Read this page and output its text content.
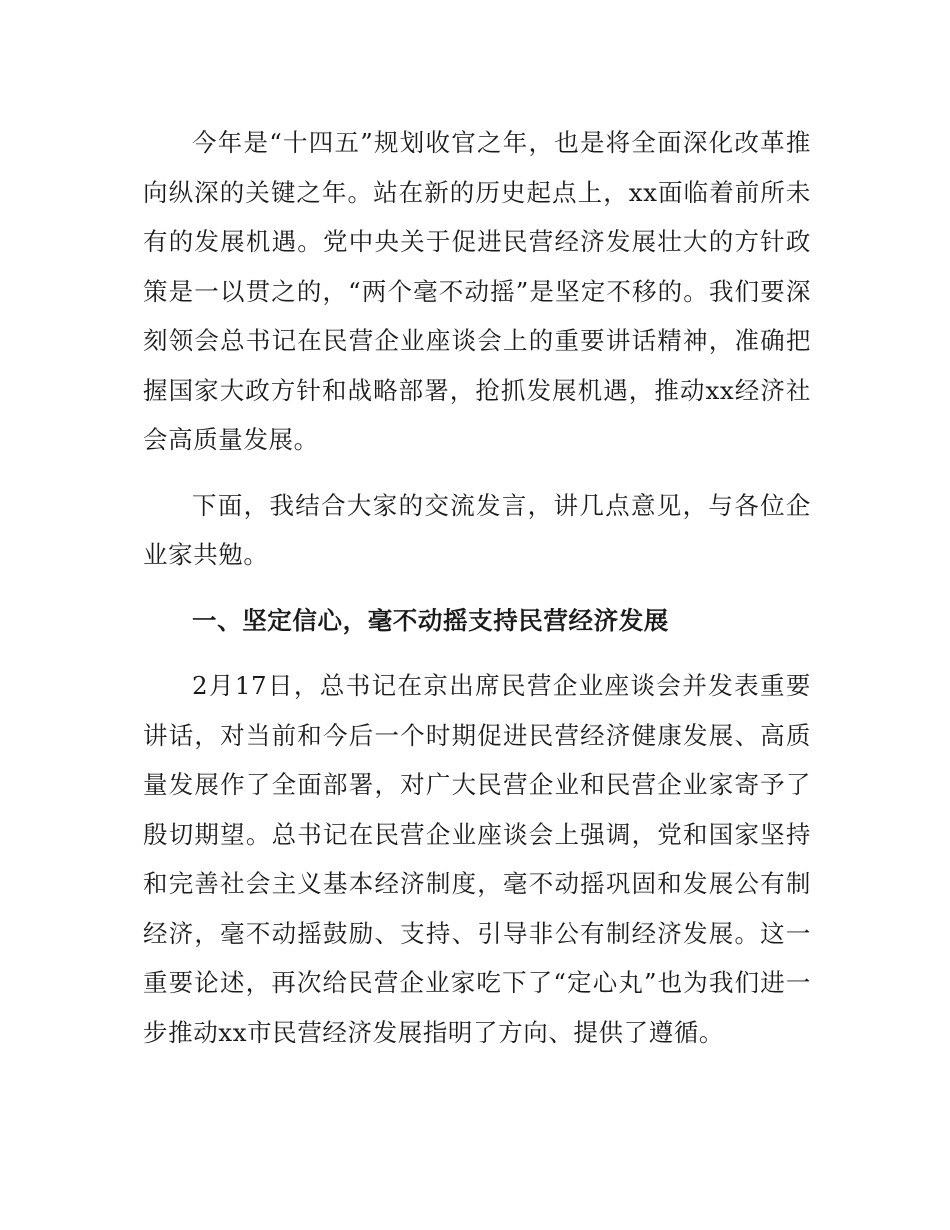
今年是“十四五”规划收官之年，也是将全面深化改革推向纵深的关键之年。站在新的历史起点上，xx面临着前所未有的发展机遇。党中央关于促进民营经济发展壮大的方针政策是一以贯之的，“两个毫不动摇”是坚定不移的。我们要深刻领会总书记在民营企业座谈会上的重要讲话精神，准确把握国家大政方针和战略部署，抢抓发展机遇，推动xx经济社会高质量发展。

下面，我结合大家的交流发言，讲几点意见，与各位企业家共勉。

一、坚定信心，毫不动摇支持民营经济发展

2月17日，总书记在京出席民营企业座谈会并发表重要讲话，对当前和今后一个时期促进民营经济健康发展、高质量发展作了全面部署，对广大民营企业和民营企业家寄予了殷切期望。总书记在民营企业座谈会上强调，党和国家坚持和完善社会主义基本经济制度，毫不动摇巩固和发展公有制经济，毫不动摇鼓励、支持、引导非公有制经济发展。这一重要论述，再次给民营企业家吃下了“定心丸”也为我们进一步推动xx市民营经济发展指明了方向、提供了遵循。
